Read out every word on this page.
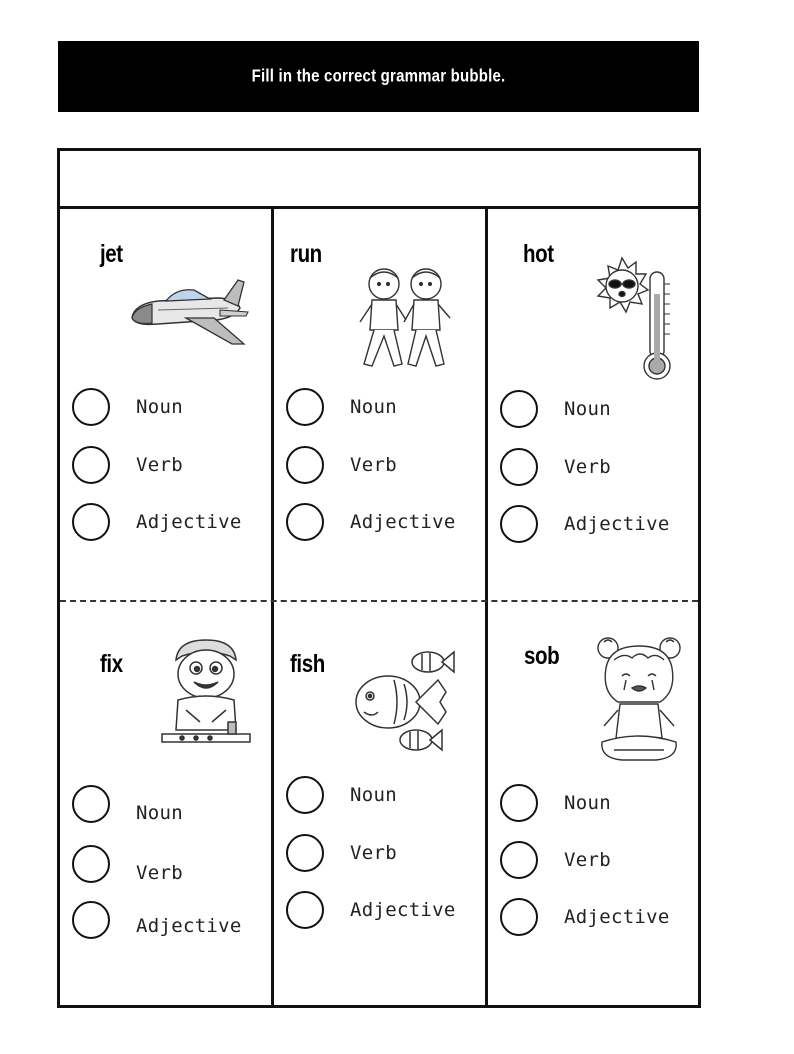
Fill in the correct grammar bubble.
jet
Noun
Verb
Adjective
run
Noun
Verb
Adjective
hot
Noun
Verb
Adjective
fix
Noun
Verb
Adjective
fish
Noun
Verb
Adjective
sob
Noun
Verb
Adjective
